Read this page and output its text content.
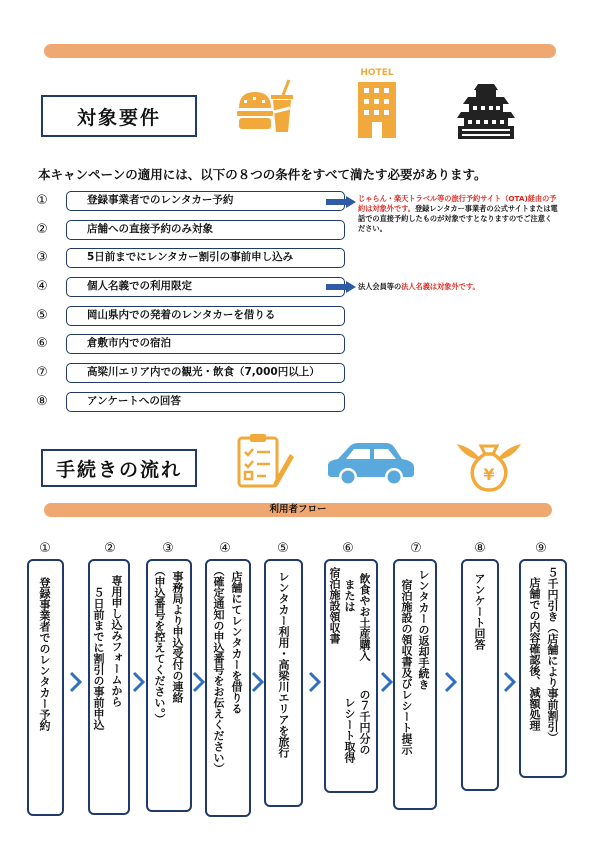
対象要件
HOTEL
本キャンペーンの適用には、以下の８つの条件をすべて満たす必要があります。
①	登録事業者でのレンタカー予約
②	店舗への直接予約のみ対象
③	5日前までにレンタカー割引の事前申し込み
④	個人名義での利用限定
⑤	岡山県内での発着のレンタカーを借りる
⑥	倉敷市内での宿泊
⑦	高梁川エリア内での観光・飲食（7,000円以上）
⑧	アンケートへの回答
じゃらん・楽天トラベル等の旅行予約サイト（OTA)経由の予約は対象外です。登録レンタカー事業者の公式サイトまたは電話での直接予約したものが対象ですとなりますのでご注意ください。
法人会員等の法人名義は対象外です。
手続きの流れ	¥
利用者フロー
①	②	③	④	⑤	⑥	⑦	⑧	⑨
登録事業者でのレンタカー予約	専用申し込みフォームから
５日前までに割引の事前申込	事務局より申込受付の連絡
（申込番号を控えてください。）	店舗にてレンタカーを借りる
（確定通知の申込番号をお伝えください）	レンタカー利用・高梁川エリアを旅行	飲食やお土産購入
または
宿泊施設領収書
の７千円分の
レシート取得
レンタカーの返却手続き
宿泊施設の領収書及びレシート提示	アンケート回答	５千円引き（店舗により事前割引）
店舗での内容確認後、減額処理
